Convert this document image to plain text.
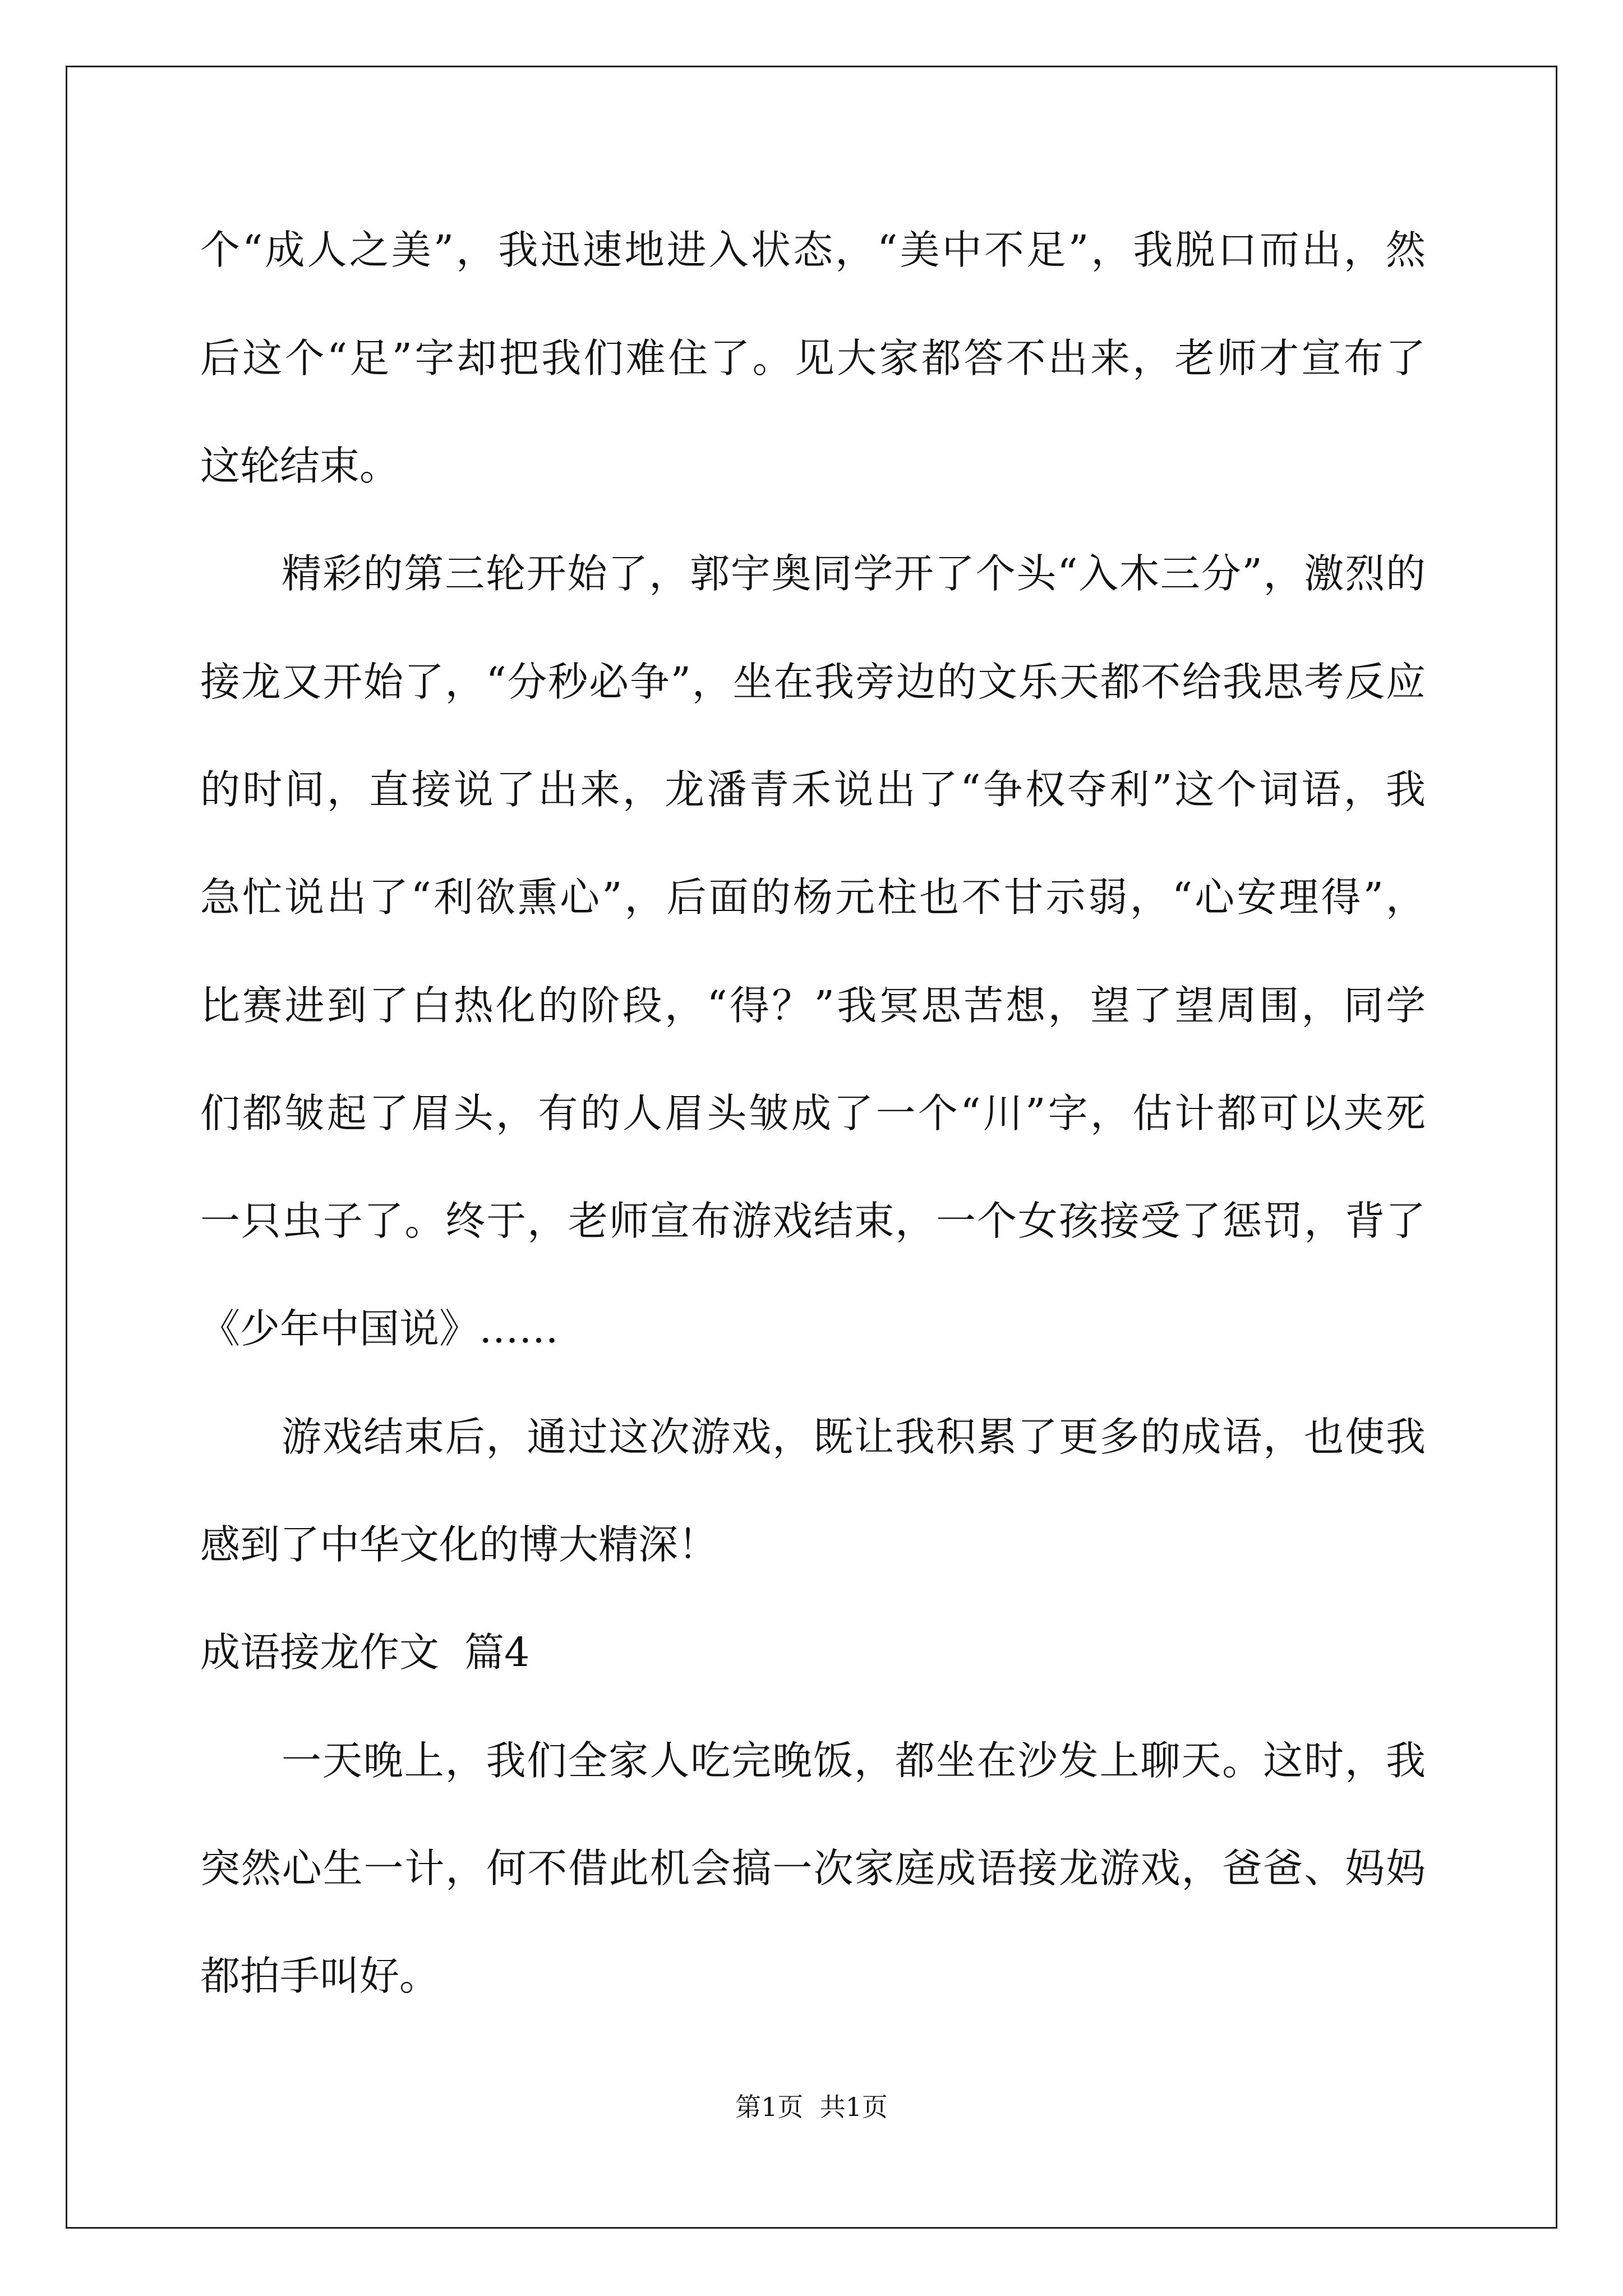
个“成人之美”，我迅速地进入状态，“美中不足”，我脱口而出，然
后这个“足”字却把我们难住了。见大家都答不出来，老师才宣布了
这轮结束。
精彩的第三轮开始了，郭宇奥同学开了个头“入木三分”，激烈的
接龙又开始了，“分秒必争”，坐在我旁边的文乐天都不给我思考反应
的时间，直接说了出来，龙潘青禾说出了“争权夺利”这个词语，我
急忙说出了“利欲熏心”，后面的杨元柱也不甘示弱，“心安理得”，
比赛进到了白热化的阶段，“得？”我冥思苦想，望了望周围，同学
们都皱起了眉头，有的人眉头皱成了一个“川”字，估计都可以夹死
一只虫子了。终于，老师宣布游戏结束，一个女孩接受了惩罚，背了
《少年中国说》……
游戏结束后，通过这次游戏，既让我积累了更多的成语，也使我
感到了中华文化的博大精深！
成语接龙作文  篇4
一天晚上，我们全家人吃完晚饭，都坐在沙发上聊天。这时，我
突然心生一计，何不借此机会搞一次家庭成语接龙游戏，爸爸、妈妈
都拍手叫好。
第1页  共1页
